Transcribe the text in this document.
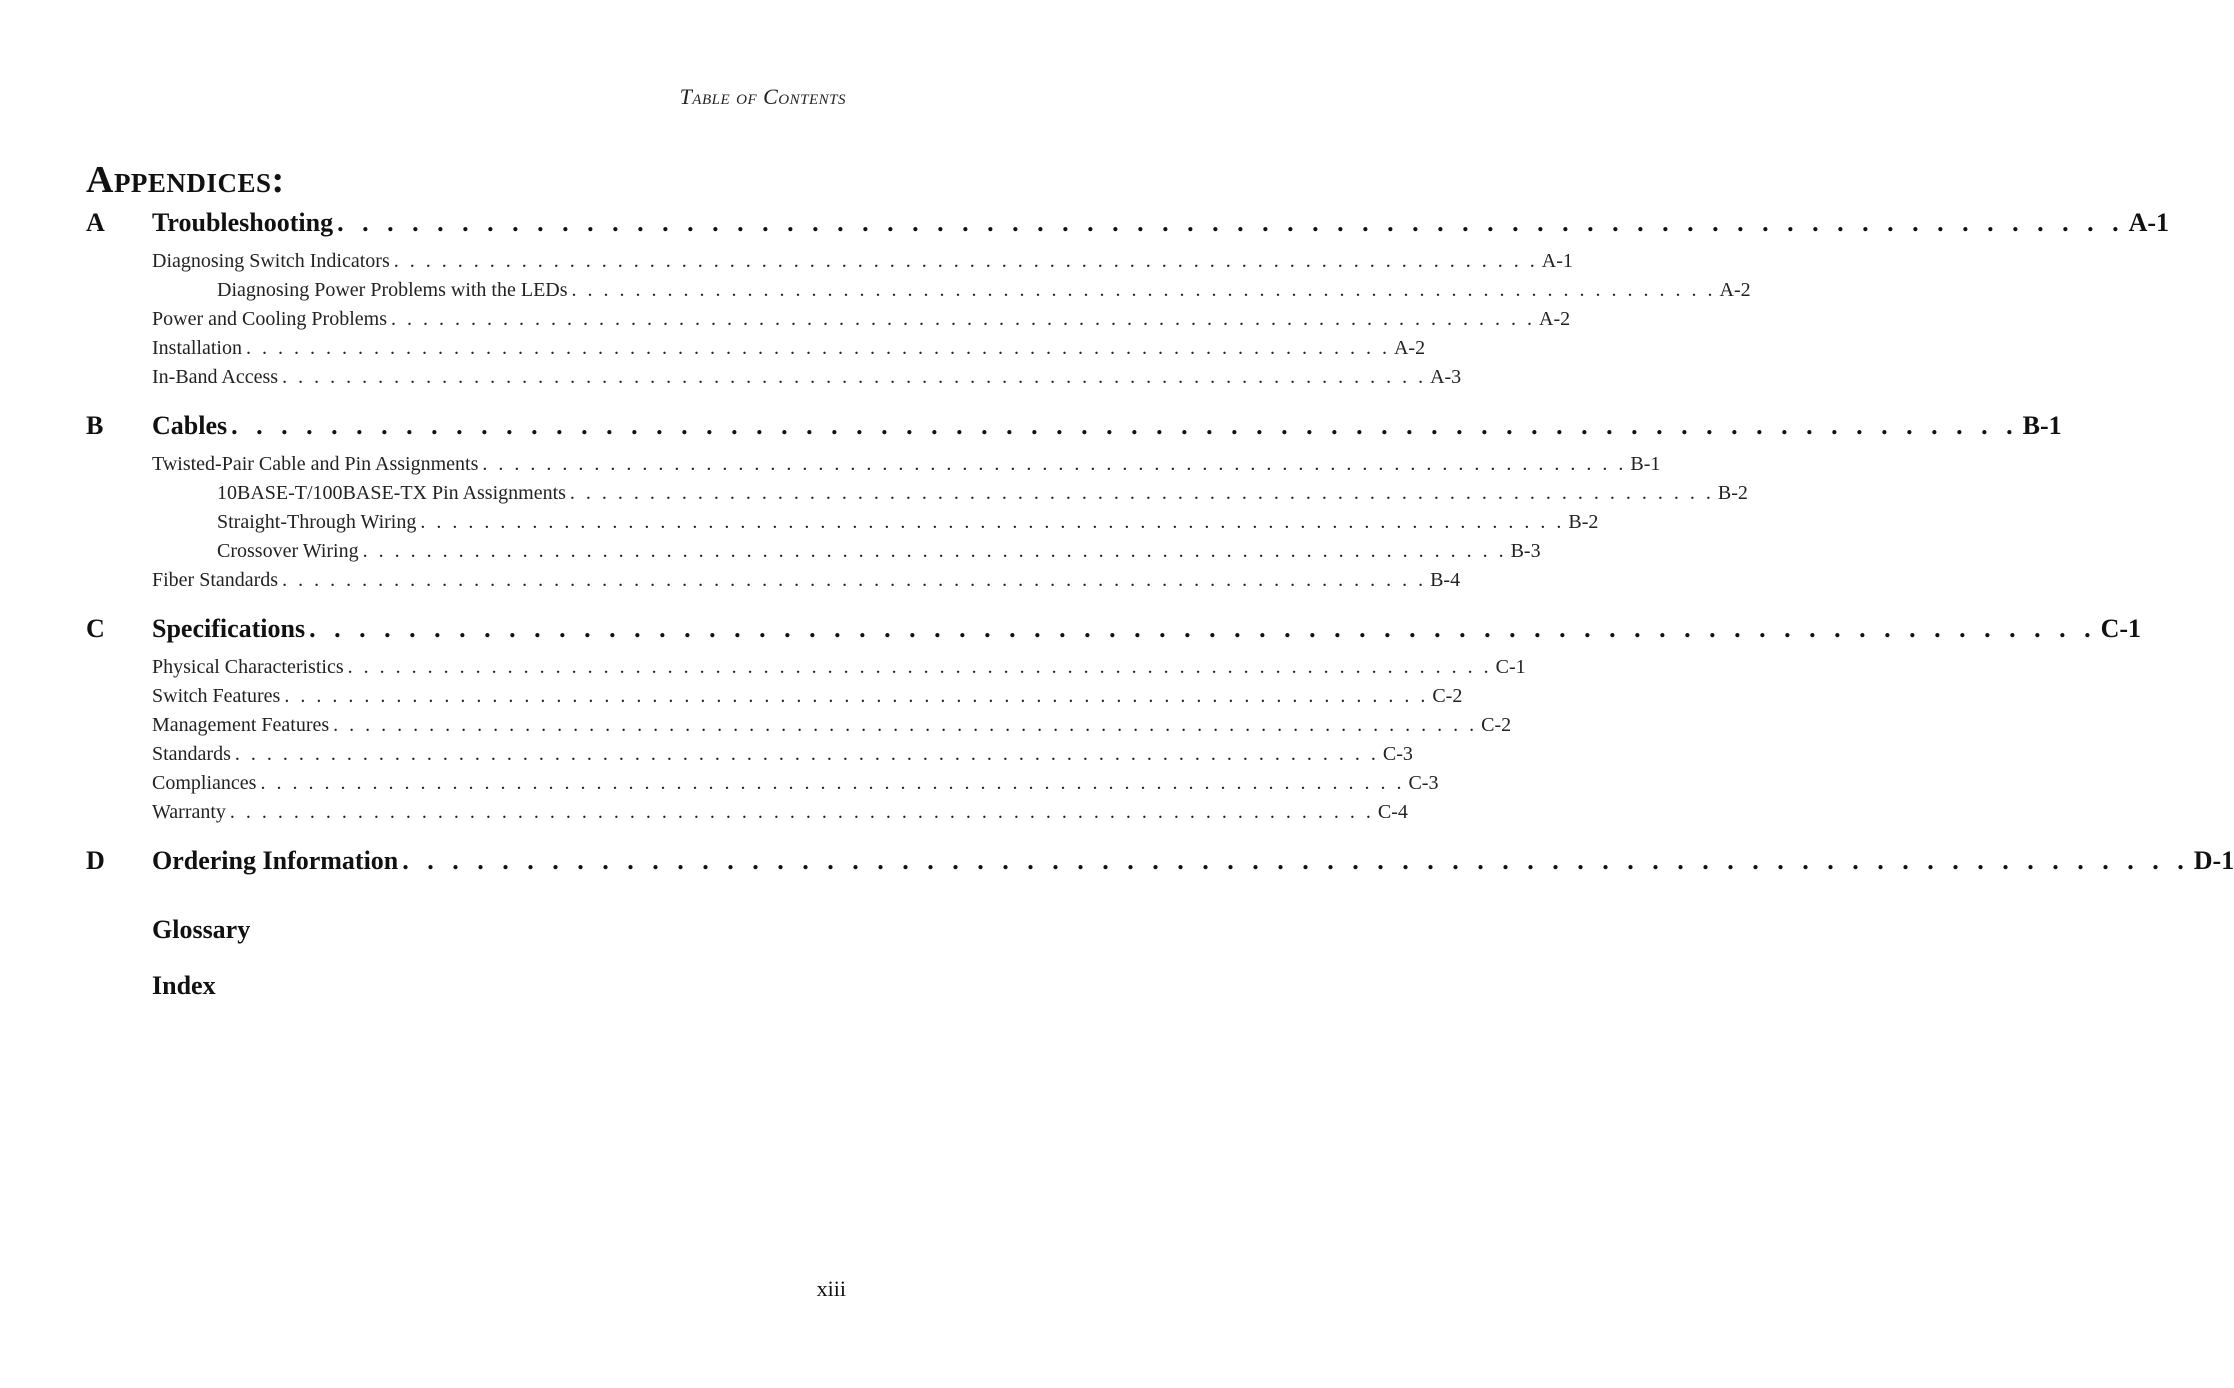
Table of Contents
Appendices:
A	Troubleshooting . . . . . . . . . . . . . . . . . . . . . . . . . . . . . . . . . . . . . . . . . . . . . . . . . . . . . . . . . . . . . . . . . . . . . . . . A-1
Diagnosing Switch Indicators . . . . . . . . . . . . . . . . . . . . . . . . . . . . . . . . . . . . . . . . . . . . . . . . . . . . . . . . . . . . . . . . . . . . . . . . A-1
Diagnosing Power Problems with the LEDs . . . . . . . . . . . . . . . . . . . . . . . . . . . . . . . . . . . . . . . . . . . . . . . . . . . . . . . . . . . . . . . . . . . . . . . . A-2
Power and Cooling Problems . . . . . . . . . . . . . . . . . . . . . . . . . . . . . . . . . . . . . . . . . . . . . . . . . . . . . . . . . . . . . . . . . . . . . . . . A-2
Installation . . . . . . . . . . . . . . . . . . . . . . . . . . . . . . . . . . . . . . . . . . . . . . . . . . . . . . . . . . . . . . . . . . . . . . . . A-2
In-Band Access . . . . . . . . . . . . . . . . . . . . . . . . . . . . . . . . . . . . . . . . . . . . . . . . . . . . . . . . . . . . . . . . . . . . . . . . A-3
B	Cables . . . . . . . . . . . . . . . . . . . . . . . . . . . . . . . . . . . . . . . . . . . . . . . . . . . . . . . . . . . . . . . . . . . . . . . . B-1
Twisted-Pair Cable and Pin Assignments . . . . . . . . . . . . . . . . . . . . . . . . . . . . . . . . . . . . . . . . . . . . . . . . . . . . . . . . . . . . . . . . . . . . . . . . B-1
10BASE-T/100BASE-TX Pin Assignments . . . . . . . . . . . . . . . . . . . . . . . . . . . . . . . . . . . . . . . . . . . . . . . . . . . . . . . . . . . . . . . . . . . . . . . . B-2
Straight-Through Wiring . . . . . . . . . . . . . . . . . . . . . . . . . . . . . . . . . . . . . . . . . . . . . . . . . . . . . . . . . . . . . . . . . . . . . . . . B-2
Crossover Wiring . . . . . . . . . . . . . . . . . . . . . . . . . . . . . . . . . . . . . . . . . . . . . . . . . . . . . . . . . . . . . . . . . . . . . . . . B-3
Fiber Standards . . . . . . . . . . . . . . . . . . . . . . . . . . . . . . . . . . . . . . . . . . . . . . . . . . . . . . . . . . . . . . . . . . . . . . . . B-4
C	Specifications . . . . . . . . . . . . . . . . . . . . . . . . . . . . . . . . . . . . . . . . . . . . . . . . . . . . . . . . . . . . . . . . . . . . . . . . C-1
Physical Characteristics . . . . . . . . . . . . . . . . . . . . . . . . . . . . . . . . . . . . . . . . . . . . . . . . . . . . . . . . . . . . . . . . . . . . . . . . C-1
Switch Features . . . . . . . . . . . . . . . . . . . . . . . . . . . . . . . . . . . . . . . . . . . . . . . . . . . . . . . . . . . . . . . . . . . . . . . . C-2
Management Features . . . . . . . . . . . . . . . . . . . . . . . . . . . . . . . . . . . . . . . . . . . . . . . . . . . . . . . . . . . . . . . . . . . . . . . . C-2
Standards . . . . . . . . . . . . . . . . . . . . . . . . . . . . . . . . . . . . . . . . . . . . . . . . . . . . . . . . . . . . . . . . . . . . . . . . C-3
Compliances . . . . . . . . . . . . . . . . . . . . . . . . . . . . . . . . . . . . . . . . . . . . . . . . . . . . . . . . . . . . . . . . . . . . . . . . C-3
Warranty . . . . . . . . . . . . . . . . . . . . . . . . . . . . . . . . . . . . . . . . . . . . . . . . . . . . . . . . . . . . . . . . . . . . . . . . C-4
D	Ordering Information . . . . . . . . . . . . . . . . . . . . . . . . . . . . . . . . . . . . . . . . . . . . . . . . . . . . . . . . . . . . . . . . . . . . . . . . D-1
Glossary
Index
xiii
